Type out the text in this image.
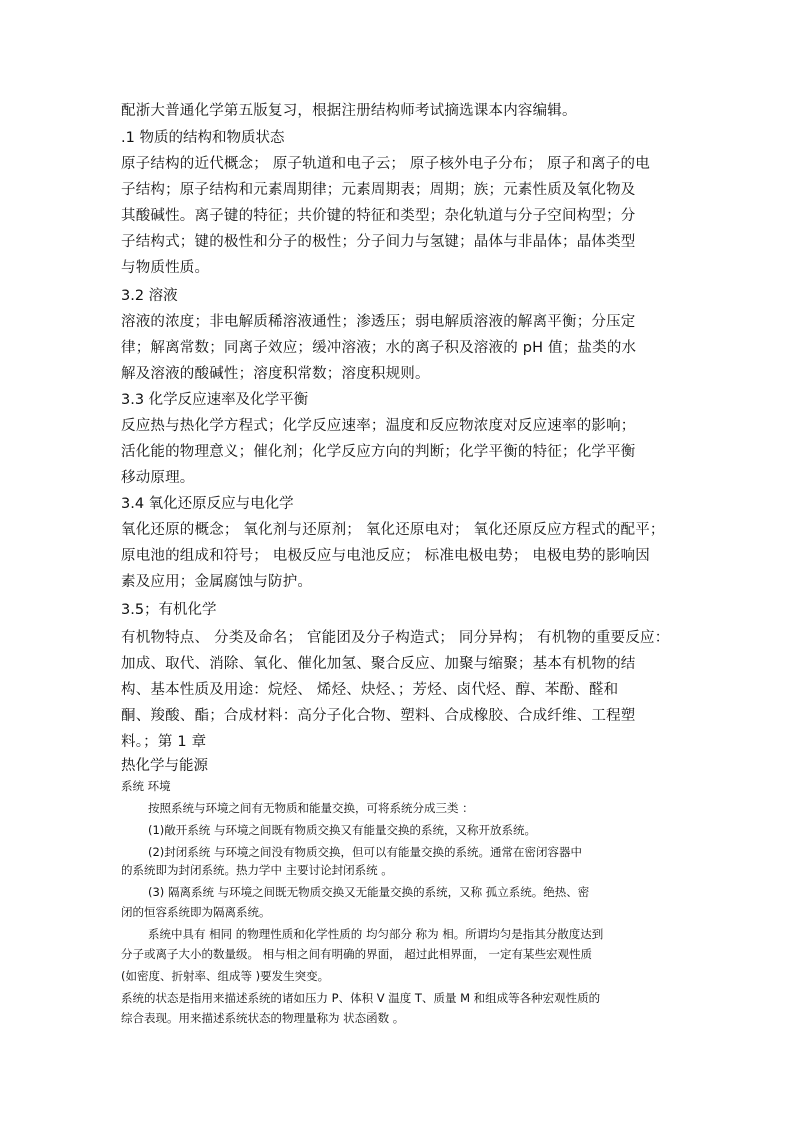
配浙大普通化学第五版复习，根据注册结构师考试摘选课本内容编辑。

.1 物质的结构和物质状态

原子结构的近代概念； 原子轨道和电子云； 原子核外电子分布； 原子和离子的电

子结构；原子结构和元素周期律；元素周期表；周期；族；元素性质及氧化物及

其酸碱性。离子键的特征；共价键的特征和类型；杂化轨道与分子空间构型；分

子结构式；键的极性和分子的极性；分子间力与氢键；晶体与非晶体；晶体类型

与物质性质。

3.2 溶液

溶液的浓度；非电解质稀溶液通性；渗透压；弱电解质溶液的解离平衡；分压定

律；解离常数；同离子效应；缓冲溶液；水的离子积及溶液的 pH 值；盐类的水

解及溶液的酸碱性；溶度积常数；溶度积规则。

3.3 化学反应速率及化学平衡

反应热与热化学方程式；化学反应速率；温度和反应物浓度对反应速率的影响；

活化能的物理意义；催化剂；化学反应方向的判断；化学平衡的特征；化学平衡

移动原理。

3.4 氧化还原反应与电化学

氧化还原的概念； 氧化剂与还原剂； 氧化还原电对； 氧化还原反应方程式的配平；

原电池的组成和符号； 电极反应与电池反应； 标准电极电势； 电极电势的影响因

素及应用；金属腐蚀与防护。

3.5；有机化学

有机物特点、 分类及命名； 官能团及分子构造式； 同分异构； 有机物的重要反应：

加成、取代、消除、氧化、催化加氢、聚合反应、加聚与缩聚；基本有机物的结

构、基本性质及用途：烷烃、 烯烃、炔烃、；芳烃、卤代烃、醇、苯酚、醛和

酮、羧酸、酯；合成材料：高分子化合物、塑料、合成橡胶、合成纤维、工程塑

料。；第 1 章

热化学与能源

系统 环境

按照系统与环境之间有无物质和能量交换，可将系统分成三类 ：

(1)敞开系统 与环境之间既有物质交换又有能量交换的系统，又称开放系统。

(2)封闭系统 与环境之间没有物质交换，但可以有能量交换的系统。通常在密闭容器中

的系统即为封闭系统。热力学中 主要讨论封闭系统 。

(3) 隔离系统 与环境之间既无物质交换又无能量交换的系统，又称 孤立系统。绝热、密

闭的恒容系统即为隔离系统。

系统中具有 相同 的物理性质和化学性质的 均匀部分 称为 相。所谓均匀是指其分散度达到

分子或离子大小的数量级。 相与相之间有明确的界面， 超过此相界面， 一定有某些宏观性质

(如密度、折射率、组成等 )要发生突变。

系统的状态是指用来描述系统的诸如压力 P、体积 V 温度 T、质量 M 和组成等各种宏观性质的

综合表现。用来描述系统状态的物理量称为 状态函数 。
